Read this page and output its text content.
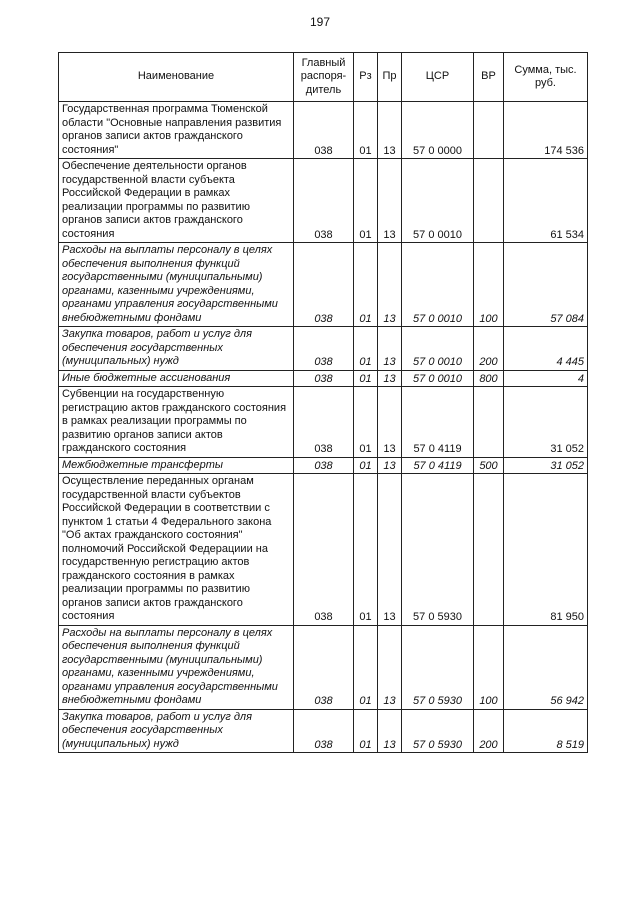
197
Наименование	Главный распоря-дитель	Рз	Пр	ЦСР	ВР	Сумма, тыс. руб.
Государственная программа Тюменской области "Основные направления развития органов записи актов гражданского состояния"	038	01	13	57 0 0000		174 536
Обеспечение деятельности органов государственной власти субъекта Российской Федерации в рамках реализации программы по развитию органов записи актов гражданского состояния	038	01	13	57 0 0010		61 534
Расходы на выплаты персоналу в целях обеспечения выполнения функций государственными (муниципальными) органами, казенными учреждениями, органами управления государственными внебюджетными фондами	038	01	13	57 0 0010	100	57 084
Закупка товаров, работ и услуг для обеспечения государственных (муниципальных) нужд	038	01	13	57 0 0010	200	4 445
Иные бюджетные ассигнования	038	01	13	57 0 0010	800	4
Субвенции на государственную регистрацию актов гражданского состояния в рамках реализации программы по развитию органов записи актов гражданского состояния	038	01	13	57 0 4119		31 052
Межбюджетные трансферты	038	01	13	57 0 4119	500	31 052
Осуществление переданных органам государственной власти субъектов Российской Федерации в соответствии с пунктом 1 статьи 4 Федерального закона "Об актах гражданского состояния" полномочий Российской Федерациии на государственную регистрацию актов гражданского состояния в рамках реализации программы по развитию органов записи актов гражданского состояния	038	01	13	57 0 5930		81 950
Расходы на выплаты персоналу в целях обеспечения выполнения функций государственными (муниципальными) органами, казенными учреждениями, органами управления государственными внебюджетными фондами	038	01	13	57 0 5930	100	56 942
Закупка товаров, работ и услуг для обеспечения государственных (муниципальных) нужд	038	01	13	57 0 5930	200	8 519
